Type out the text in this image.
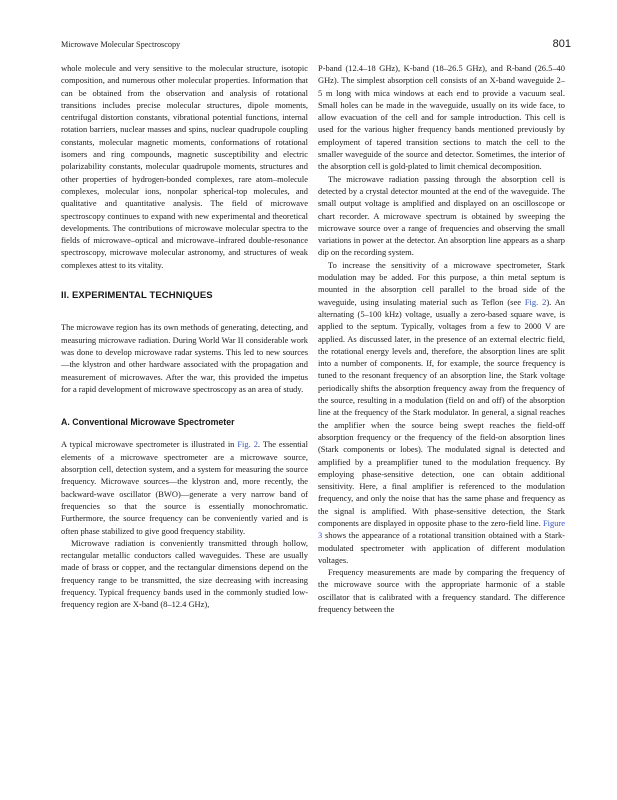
Microwave Molecular Spectroscopy	801

whole molecule and very sensitive to the molecular structure, isotopic composition, and numerous other molecular properties. Information that can be obtained from the observation and analysis of rotational transitions includes precise molecular structures, dipole moments, centrifugal distortion constants, vibrational potential functions, internal rotation barriers, nuclear masses and spins, nuclear quadrupole coupling constants, molecular magnetic moments, conformations of rotational isomers and ring compounds, magnetic susceptibility and electric polarizability constants, molecular quadrupole moments, structures and other properties of hydrogen-bonded complexes, rare atom–molecule complexes, molecular ions, nonpolar spherical-top molecules, and qualitative and quantitative analysis. The field of microwave spectroscopy continues to expand with new experimental and theoretical developments. The contributions of microwave molecular spectra to the fields of microwave–optical and microwave–infrared double-resonance spectroscopy, microwave molecular astronomy, and structures of weak complexes attest to its vitality.

II. EXPERIMENTAL TECHNIQUES

The microwave region has its own methods of generating, detecting, and measuring microwave radiation. During World War II considerable work was done to develop microwave radar systems. This led to new sources—the klystron and other hardware associated with the propagation and measurement of microwaves. After the war, this provided the impetus for a rapid development of microwave spectroscopy as an area of study.

A. Conventional Microwave Spectrometer

A typical microwave spectrometer is illustrated in Fig. 2. The essential elements of a microwave spectrometer are a microwave source, absorption cell, detection system, and a system for measuring the source frequency. Microwave sources—the klystron and, more recently, the backward-wave oscillator (BWO)—generate a very narrow band of frequencies so that the source is essentially monochromatic. Furthermore, the source frequency can be conveniently varied and is often phase stabilized to give good frequency stability.

Microwave radiation is conveniently transmitted through hollow, rectangular metallic conductors called waveguides. These are usually made of brass or copper, and the rectangular dimensions depend on the frequency range to be transmitted, the size decreasing with increasing frequency. Typical frequency bands used in the commonly studied low-frequency region are X-band (8–12.4 GHz),

P-band (12.4–18 GHz), K-band (18–26.5 GHz), and R-band (26.5–40 GHz). The simplest absorption cell consists of an X-band waveguide 2–5 m long with mica windows at each end to provide a vacuum seal. Small holes can be made in the waveguide, usually on its wide face, to allow evacuation of the cell and for sample introduction. This cell is used for the various higher frequency bands mentioned previously by employment of tapered transition sections to match the cell to the smaller waveguide of the source and detector. Sometimes, the interior of the absorption cell is gold-plated to limit chemical decomposition.

The microwave radiation passing through the absorption cell is detected by a crystal detector mounted at the end of the waveguide. The small output voltage is amplified and displayed on an oscilloscope or chart recorder. A microwave spectrum is obtained by sweeping the microwave source over a range of frequencies and observing the small variations in power at the detector. An absorption line appears as a sharp dip on the recording system.

To increase the sensitivity of a microwave spectrometer, Stark modulation may be added. For this purpose, a thin metal septum is mounted in the absorption cell parallel to the broad side of the waveguide, using insulating material such as Teflon (see Fig. 2). An alternating (5–100 kHz) voltage, usually a zero-based square wave, is applied to the septum. Typically, voltages from a few to 2000 V are applied. As discussed later, in the presence of an external electric field, the rotational energy levels and, therefore, the absorption lines are split into a number of components. If, for example, the source frequency is tuned to the resonant frequency of an absorption line, the Stark voltage periodically shifts the absorption frequency away from the frequency of the source, resulting in a modulation (field on and off) of the absorption line at the frequency of the Stark modulator. In general, a signal reaches the amplifier when the source being swept reaches the field-off absorption frequency or the frequency of the field-on absorption lines (Stark components or lobes). The modulated signal is detected and amplified by a preamplifier tuned to the modulation frequency. By employing phase-sensitive detection, one can obtain additional sensitivity. Here, a final amplifier is referenced to the modulation frequency, and only the noise that has the same phase and frequency as the signal is amplified. With phase-sensitive detection, the Stark components are displayed in opposite phase to the zero-field line. Figure 3 shows the appearance of a rotational transition obtained with a Stark-modulated spectrometer with application of different modulation voltages.

Frequency measurements are made by comparing the frequency of the microwave source with the appropriate harmonic of a stable oscillator that is calibrated with a frequency standard. The difference frequency between the
